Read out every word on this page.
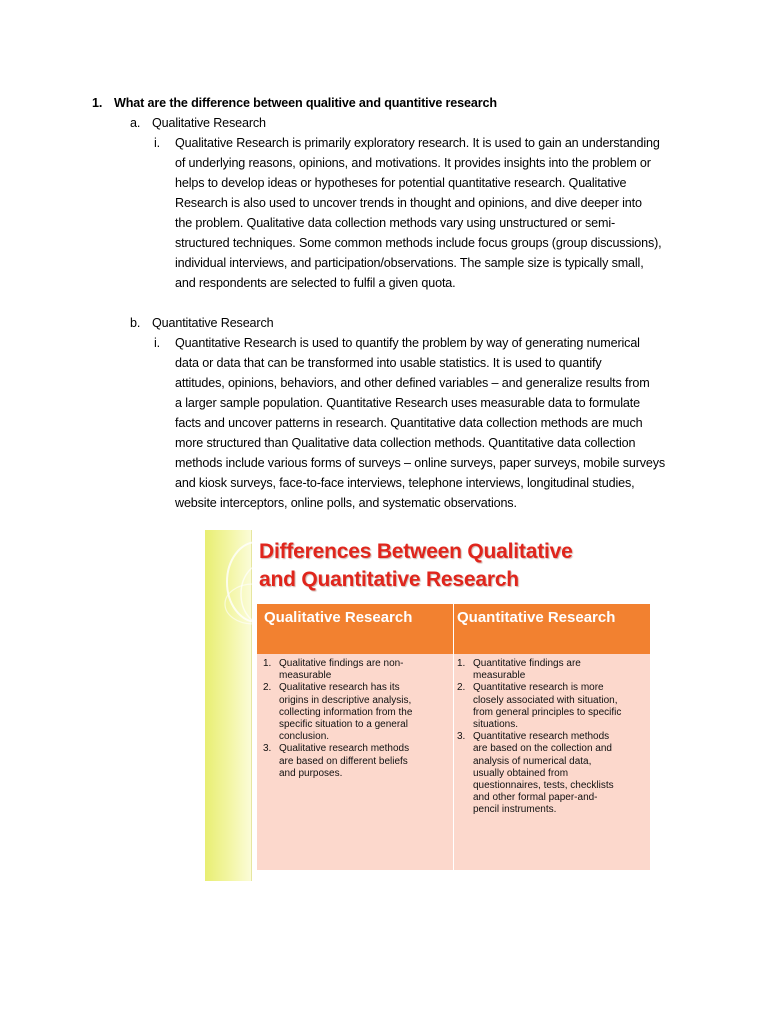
1. What are the difference between qualitive and quantitive research
a. Qualitative Research
i. Qualitative Research is primarily exploratory research. It is used to gain an understanding
of underlying reasons, opinions, and motivations. It provides insights into the problem or
helps to develop ideas or hypotheses for potential quantitative research. Qualitative
Research is also used to uncover trends in thought and opinions, and dive deeper into
the problem. Qualitative data collection methods vary using unstructured or semi-
structured techniques. Some common methods include focus groups (group discussions),
individual interviews, and participation/observations. The sample size is typically small,
and respondents are selected to fulfil a given quota.
b. Quantitative Research
i. Quantitative Research is used to quantify the problem by way of generating numerical
data or data that can be transformed into usable statistics. It is used to quantify
attitudes, opinions, behaviors, and other defined variables – and generalize results from
a larger sample population. Quantitative Research uses measurable data to formulate
facts and uncover patterns in research. Quantitative data collection methods are much
more structured than Qualitative data collection methods. Quantitative data collection
methods include various forms of surveys – online surveys, paper surveys, mobile surveys
and kiosk surveys, face-to-face interviews, telephone interviews, longitudinal studies,
website interceptors, online polls, and systematic observations.
Differences Between Qualitative
and Quantitative Research
Qualitative Research	Quantitative Research
1. Qualitative findings are non-
measurable
2. Qualitative research has its
origins in descriptive analysis,
collecting information from the
specific situation to a general
conclusion.
3. Qualitative research methods
are based on different beliefs
and purposes.
1. Quantitative findings are
measurable
2. Quantitative research is more
closely associated with situation,
from general principles to specific
situations.
3. Quantitative research methods
are based on the collection and
analysis of numerical data,
usually obtained from
questionnaires, tests, checklists
and other formal paper-and-
pencil instruments.
